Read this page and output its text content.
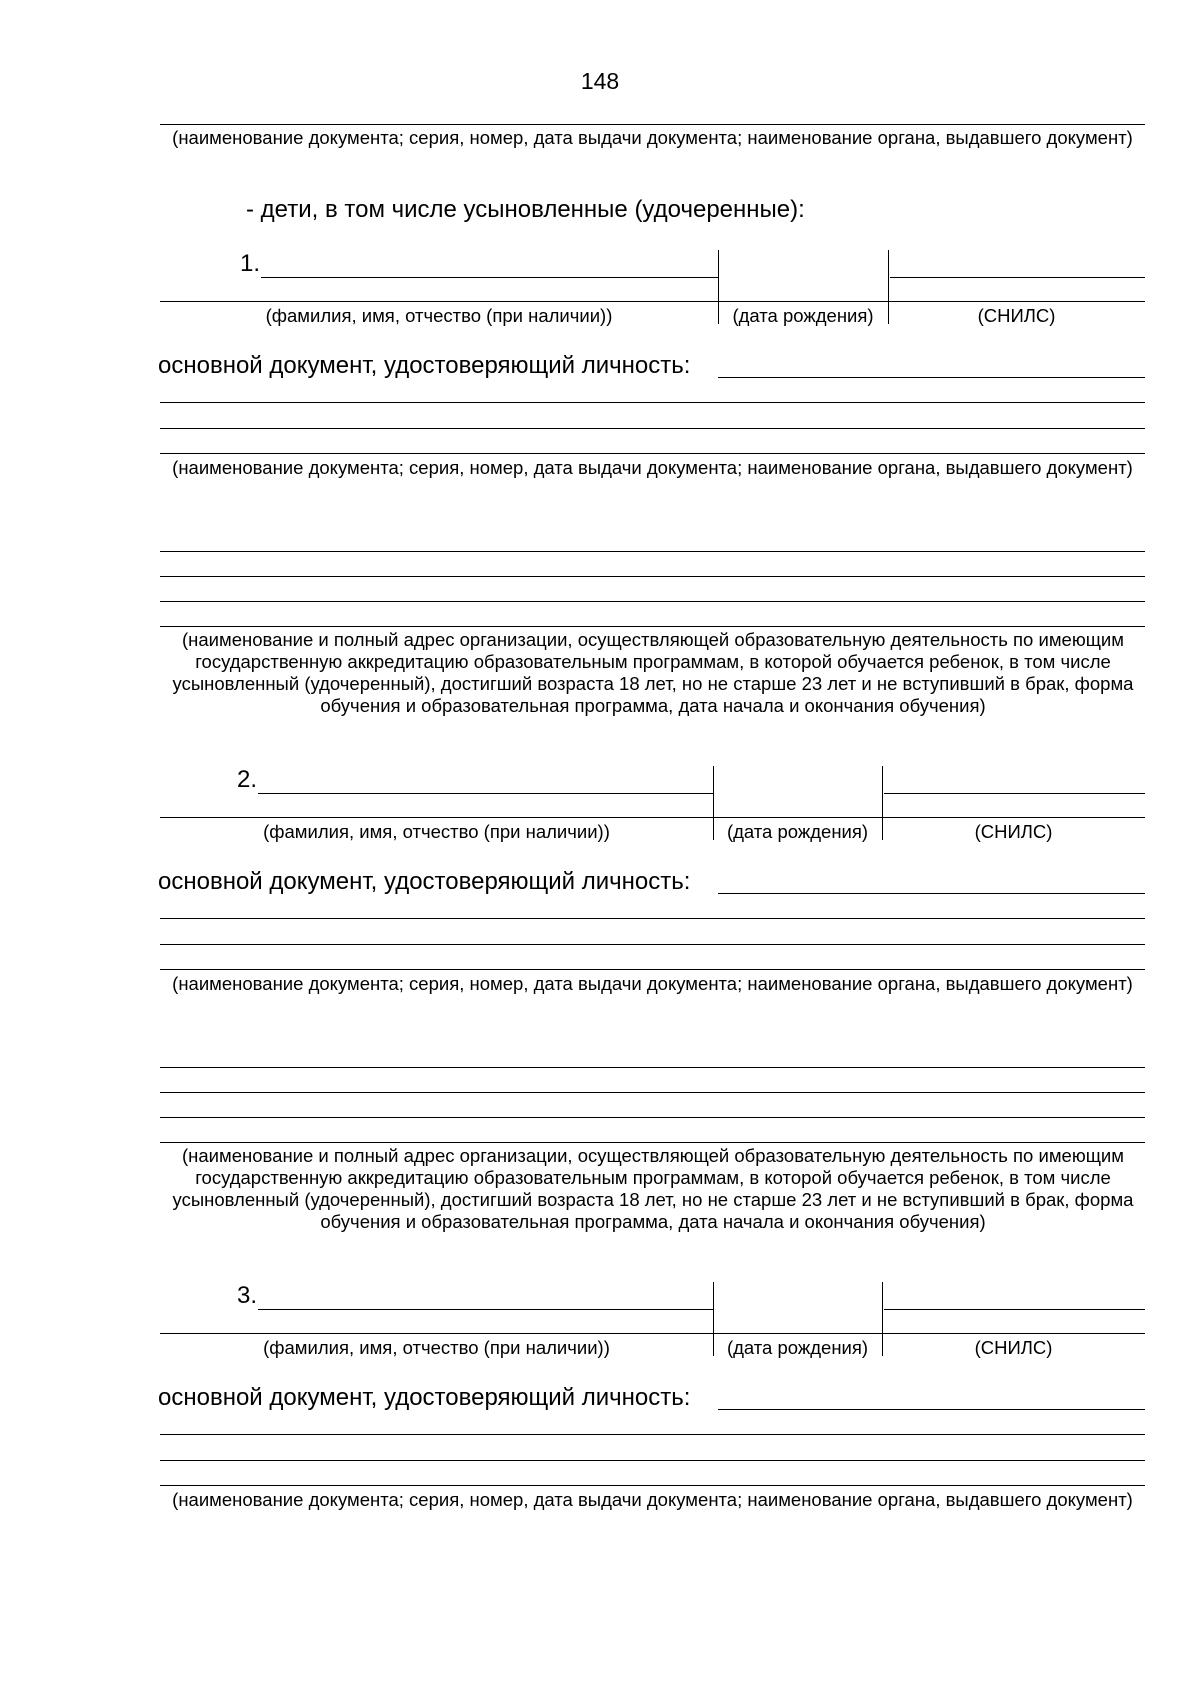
148
(наименование документа; серия, номер, дата выдачи документа; наименование органа, выдавшего документ)
- дети, в том числе усыновленные (удочеренные):
1.
(фамилия, имя, отчество (при наличии))	(дата рождения)	(СНИЛС)
основной документ, удостоверяющий личность:
(наименование документа; серия, номер, дата выдачи документа; наименование органа, выдавшего документ)
(наименование и полный адрес организации, осуществляющей образовательную деятельность по имеющим государственную аккредитацию образовательным программам, в которой обучается ребенок, в том числе усыновленный (удочеренный), достигший возраста 18 лет, но не старше 23 лет и не вступивший в брак, форма обучения и образовательная программа, дата начала и окончания обучения)
2.
(фамилия, имя, отчество (при наличии))	(дата рождения)	(СНИЛС)
основной документ, удостоверяющий личность:
(наименование документа; серия, номер, дата выдачи документа; наименование органа, выдавшего документ)
(наименование и полный адрес организации, осуществляющей образовательную деятельность по имеющим государственную аккредитацию образовательным программам, в которой обучается ребенок, в том числе усыновленный (удочеренный), достигший возраста 18 лет, но не старше 23 лет и не вступивший в брак, форма обучения и образовательная программа, дата начала и окончания обучения)
3.
(фамилия, имя, отчество (при наличии))	(дата рождения)	(СНИЛС)
основной документ, удостоверяющий личность:
(наименование документа; серия, номер, дата выдачи документа; наименование органа, выдавшего документ)
